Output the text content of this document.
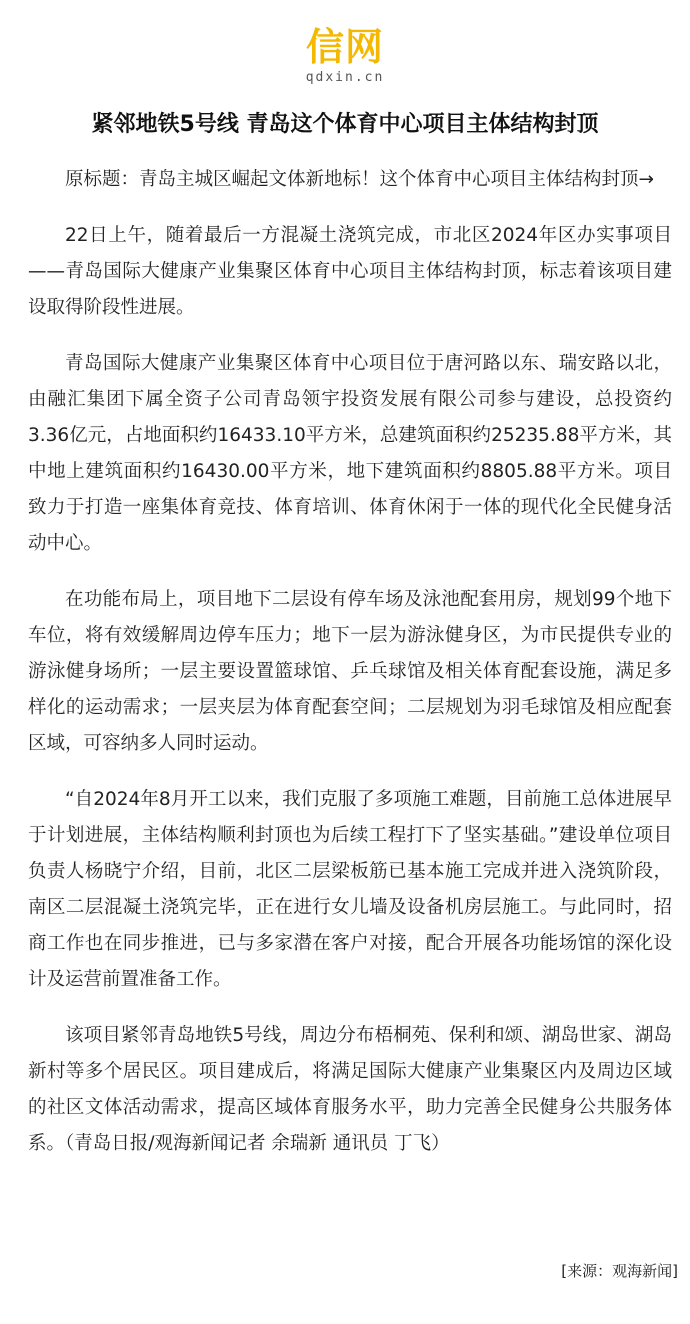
信网
qdxin.cn
紧邻地铁5号线 青岛这个体育中心项目主体结构封顶

原标题：青岛主城区崛起文体新地标！这个体育中心项目主体结构封顶→

22日上午，随着最后一方混凝土浇筑完成，市北区2024年区办实事项目——青岛国际大健康产业集聚区体育中心项目主体结构封顶，标志着该项目建设取得阶段性进展。

青岛国际大健康产业集聚区体育中心项目位于唐河路以东、瑞安路以北，由融汇集团下属全资子公司青岛领宇投资发展有限公司参与建设，总投资约3.36亿元，占地面积约16433.10平方米，总建筑面积约25235.88平方米，其中地上建筑面积约16430.00平方米，地下建筑面积约8805.88平方米。项目致力于打造一座集体育竞技、体育培训、体育休闲于一体的现代化全民健身活动中心。

在功能布局上，项目地下二层设有停车场及泳池配套用房，规划99个地下车位，将有效缓解周边停车压力；地下一层为游泳健身区，为市民提供专业的游泳健身场所；一层主要设置篮球馆、乒乓球馆及相关体育配套设施，满足多样化的运动需求；一层夹层为体育配套空间；二层规划为羽毛球馆及相应配套区域，可容纳多人同时运动。

“自2024年8月开工以来，我们克服了多项施工难题，目前施工总体进展早于计划进展，主体结构顺利封顶也为后续工程打下了坚实基础。”建设单位项目负责人杨晓宁介绍，目前，北区二层梁板筋已基本施工完成并进入浇筑阶段，南区二层混凝土浇筑完毕，正在进行女儿墙及设备机房层施工。与此同时，招商工作也在同步推进，已与多家潜在客户对接，配合开展各功能场馆的深化设计及运营前置准备工作。

该项目紧邻青岛地铁5号线，周边分布梧桐苑、保利和颂、湖岛世家、湖岛新村等多个居民区。项目建成后，将满足国际大健康产业集聚区内及周边区域的社区文体活动需求，提高区域体育服务水平，助力完善全民健身公共服务体系。（青岛日报/观海新闻记者 余瑞新 通讯员 丁飞）

[来源：观海新闻]
